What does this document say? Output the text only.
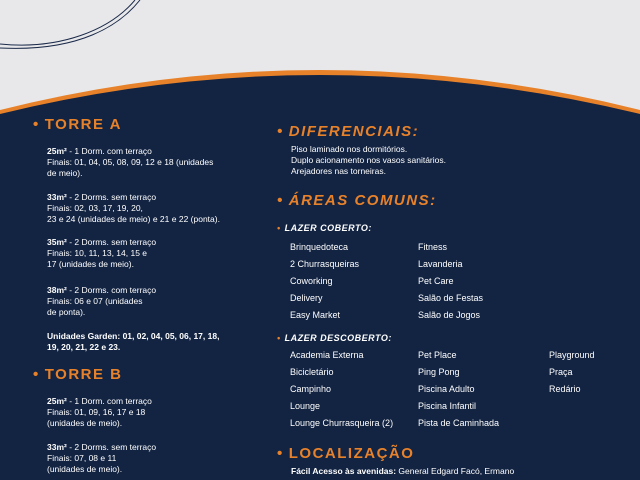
• TORRE A
25m² - 1 Dorm. com terraço
Finais: 01, 04, 05, 08, 09, 12 e 18 (unidades
de meio).
33m² - 2 Dorms. sem terraço
Finais: 02, 03, 17, 19, 20,
23 e 24 (unidades de meio) e 21 e 22 (ponta).
35m² - 2 Dorms. sem terraço
Finais: 10, 11, 13, 14, 15 e
17 (unidades de meio).
38m² - 2 Dorms. com terraço
Finais: 06 e 07 (unidades
de ponta).
Unidades Garden: 01, 02, 04, 05, 06, 17, 18,
19, 20, 21, 22 e 23.
• TORRE B
25m² - 1 Dorm. com terraço
Finais: 01, 09, 16, 17 e 18
(unidades de meio).
33m² - 2 Dorms. sem terraço
Finais: 07, 08 e 11
(unidades de meio).
• DIFERENCIAIS:
Piso laminado nos dormitórios.
Duplo acionamento nos vasos sanitários.
Arejadores nas torneiras.
• ÁREAS COMUNS:
• LAZER COBERTO:
Brinquedoteca
2 Churrasqueiras
Coworking
Delivery
Easy Market
Fitness
Lavanderia
Pet Care
Salão de Festas
Salão de Jogos
• LAZER DESCOBERTO:
Academia Externa
Bicicletário
Campinho
Lounge
Lounge Churrasqueira (2)
Pet Place
Ping Pong
Piscina Adulto
Piscina Infantil
Pista de Caminhada
Playground
Praça
Redário
• LOCALIZAÇÃO
Fácil Acesso às avenidas: General Edgard Facó, Ermano
